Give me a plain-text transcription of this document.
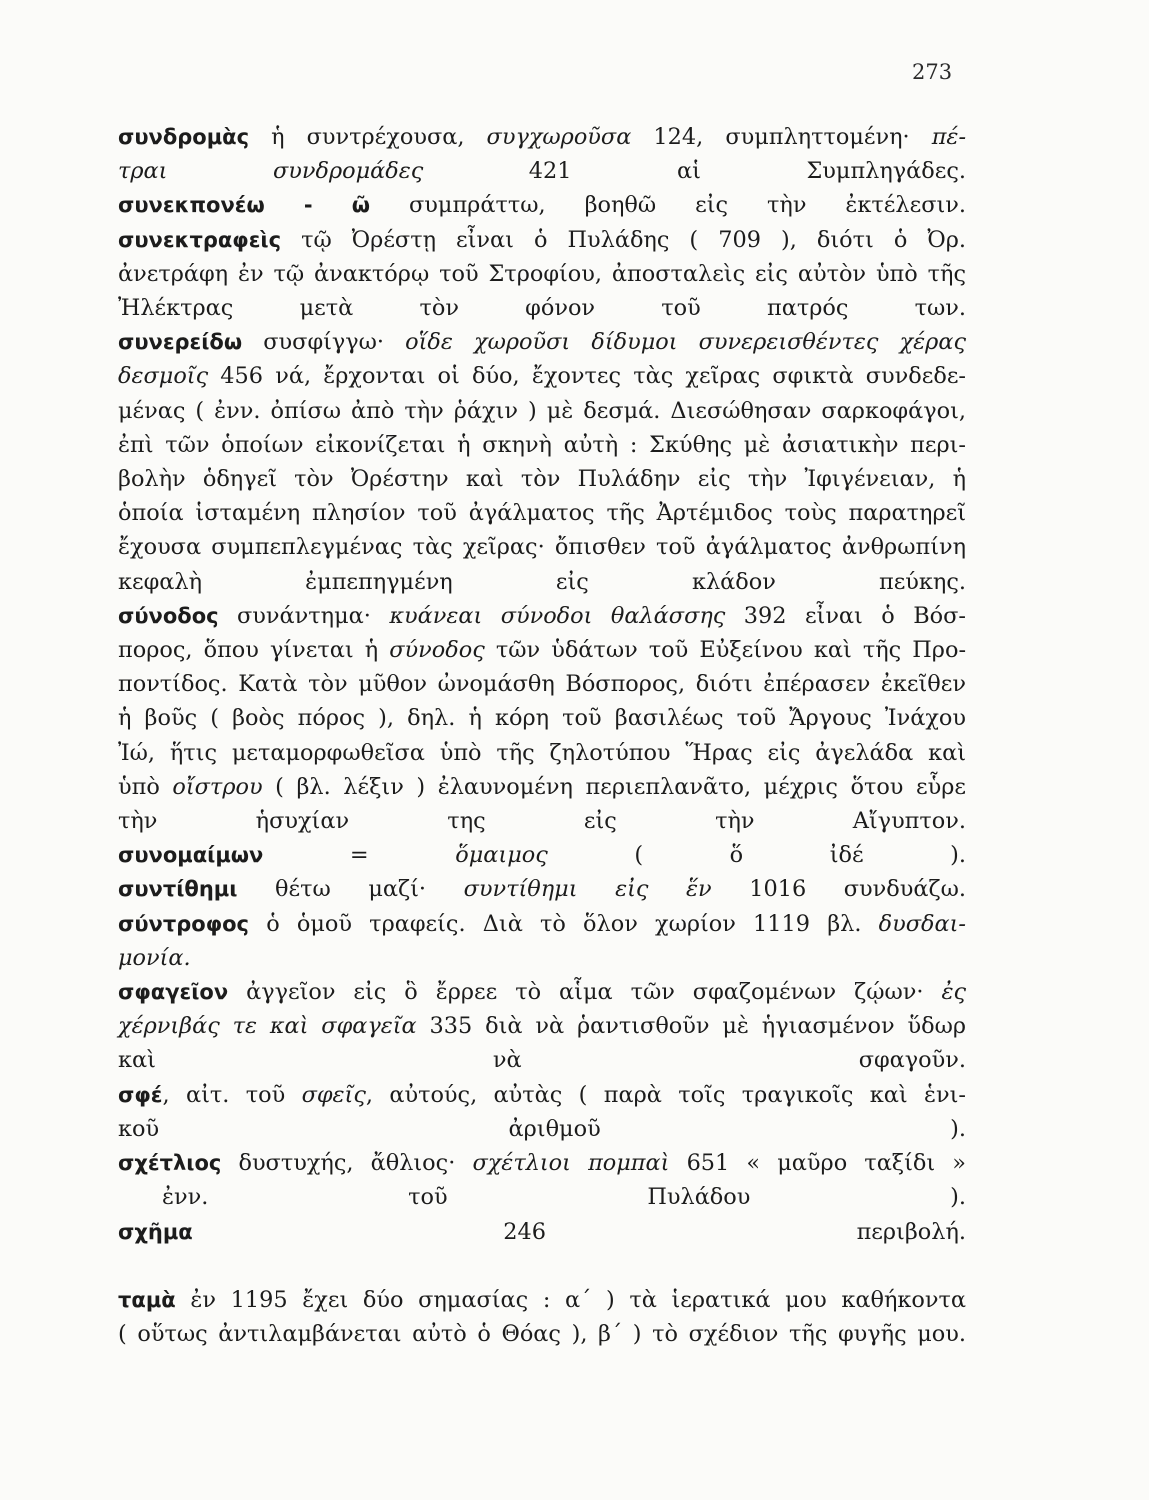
273
συνδρομὰς ἡ συντρέχουσα, συγχωροῦσα 124, συμπληττομένη· πέ-
τραι συνδρομάδες 421 αἱ Συμπληγάδες.
συνεκπονέω - ῶ συμπράττω, βοηθῶ εἰς τὴν ἐκτέλεσιν.
συνεκτραφεὶς τῷ Ὀρέστῃ εἶναι ὁ Πυλάδης ( 709 ), διότι ὁ Ὀρ.
ἀνετράφη ἐν τῷ ἀνακτόρῳ τοῦ Στροφίου, ἀποσταλεὶς εἰς αὐτὸν ὑπὸ τῆς
Ἠλέκτρας μετὰ τὸν φόνον τοῦ πατρός των.
συνερείδω συσφίγγω· οἵδε χωροῦσι δίδυμοι συνερεισθέντες χέρας
δεσμοῖς 456 νά, ἔρχονται οἱ δύο, ἔχοντες τὰς χεῖρας σφικτὰ συνδεδε-
μένας ( ἐνν. ὀπίσω ἀπὸ τὴν ῥάχιν ) μὲ δεσμά. Διεσώθησαν σαρκοφάγοι,
ἐπὶ τῶν ὁποίων εἰκονίζεται ἡ σκηνὴ αὐτὴ : Σκύθης μὲ ἀσιατικὴν περι-
βολὴν ὁδηγεῖ τὸν Ὀρέστην καὶ τὸν Πυλάδην εἰς τὴν Ἰφιγένειαν, ἡ
ὁποία ἱσταμένη πλησίον τοῦ ἀγάλματος τῆς Ἀρτέμιδος τοὺς παρατηρεῖ
ἔχουσα συμπεπλεγμένας τὰς χεῖρας· ὄπισθεν τοῦ ἀγάλματος ἀνθρωπίνη
κεφαλὴ ἐμπεπηγμένη εἰς κλάδον πεύκης.
σύνοδος συνάντημα· κυάνεαι σύνοδοι θαλάσσης 392 εἶναι ὁ Βόσ-
πορος, ὅπου γίνεται ἡ σύνοδος τῶν ὑδάτων τοῦ Εὐξείνου καὶ τῆς Προ-
ποντίδος. Κατὰ τὸν μῦθον ὠνομάσθη Βόσπορος, διότι ἐπέρασεν ἐκεῖθεν
ἡ βοῦς ( βοὸς πόρος ), δηλ. ἡ κόρη τοῦ βασιλέως τοῦ Ἄργους Ἰνάχου
Ἰώ, ἥτις μεταμορφωθεῖσα ὑπὸ τῆς ζηλοτύπου Ἥρας εἰς ἀγελάδα καὶ
ὑπὸ οἴστρου ( βλ. λέξιν ) ἐλαυνομένη περιεπλανᾶτο, μέχρις ὅτου εὗρε
τὴν ἡσυχίαν της εἰς τὴν Αἴγυπτον.
συνομαίμων = ὅμαιμος ( ὅ ἰδέ ).
συντίθημι θέτω μαζί· συντίθημι εἰς ἕν 1016 συνδυάζω.
σύντροφος ὁ ὁμοῦ τραφείς. Διὰ τὸ ὅλον χωρίον 1119 βλ. δυσδαι-
μονία.
σφαγεῖον ἀγγεῖον εἰς ὃ ἔρρεε τὸ αἷμα τῶν σφαζομένων ζῴων· ἐς
χέρνιβάς τε καὶ σφαγεῖα 335 διὰ νὰ ῥαντισθοῦν μὲ ἡγιασμένον ὕδωρ
καὶ νὰ σφαγοῦν.
σφέ, αἰτ. τοῦ σφεῖς, αὐτούς, αὐτὰς ( παρὰ τοῖς τραγικοῖς καὶ ἑνι-
κοῦ ἀριθμοῦ ).
σχέτλιος δυστυχής, ἄθλιος· σχέτλιοι πομπαὶ 651 « μαῦρο ταξίδι »
ἐνν. τοῦ Πυλάδου ).
σχῆμα 246 περιβολή.
ταμὰ ἐν 1195 ἔχει δύο σημασίας : α΄ ) τὰ ἱερατικά μου καθήκοντα
( οὕτως ἀντιλαμβάνεται αὐτὸ ὁ Θόας ), β΄ ) τὸ σχέδιον τῆς φυγῆς μου.
